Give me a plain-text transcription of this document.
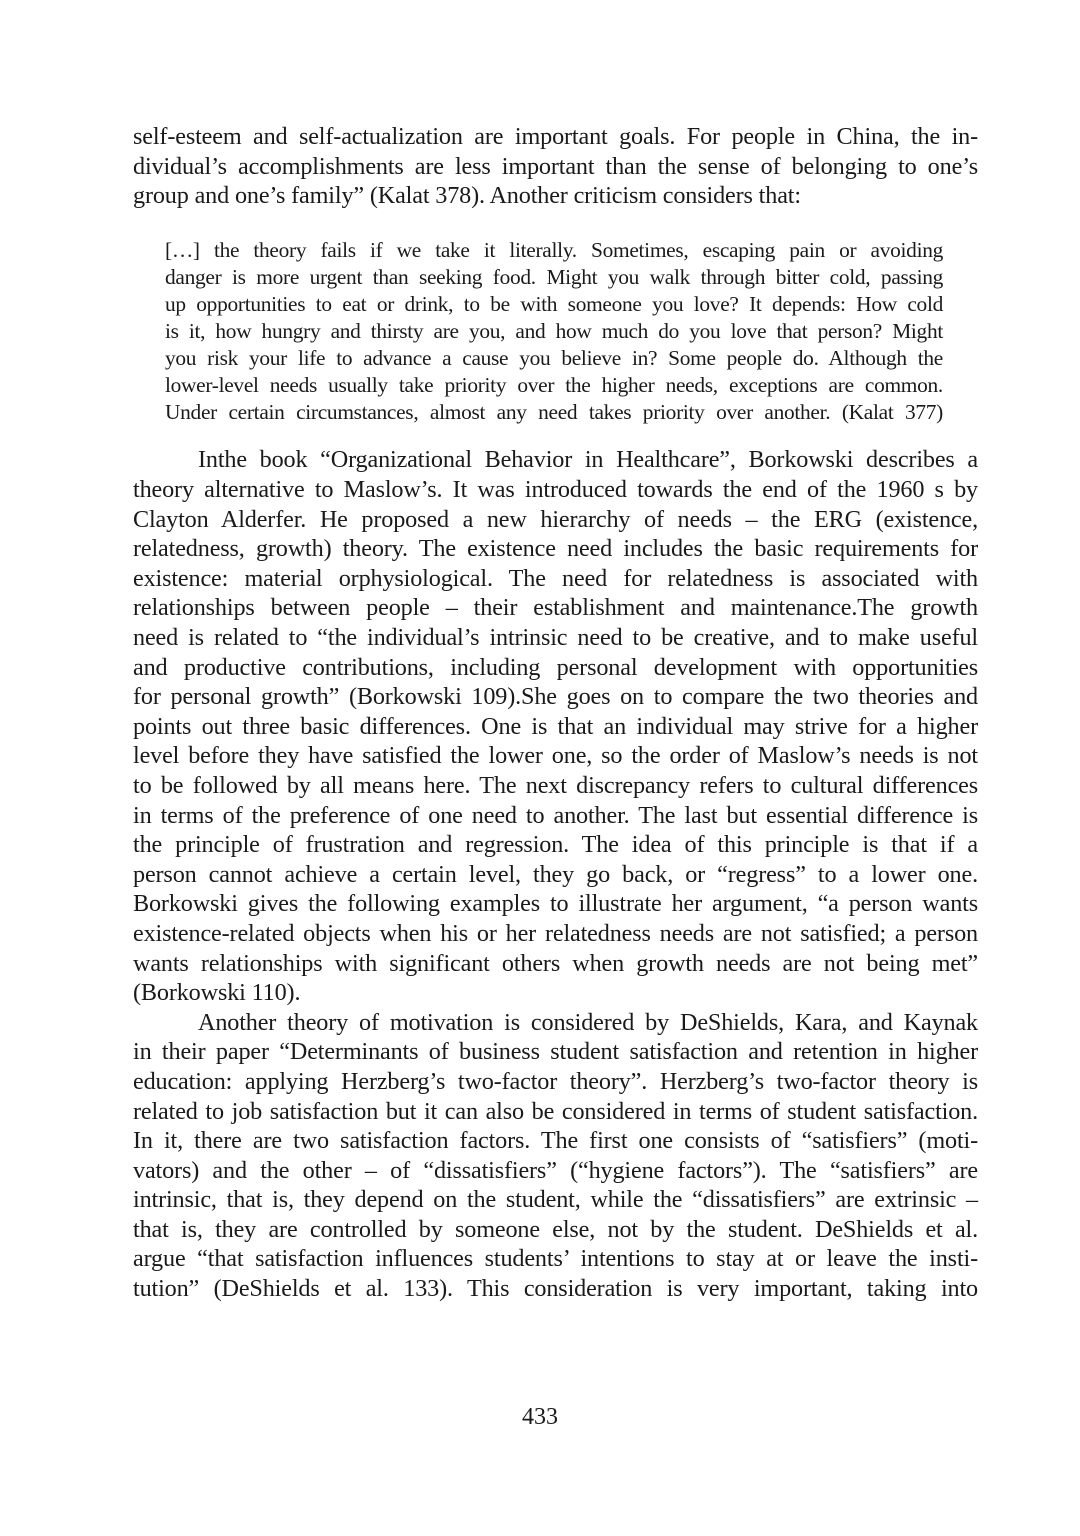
self-esteem and self-actualization are important goals. For people in China, the in-
dividual’s accomplishments are less important than the sense of belonging to one’s
group and one’s family” (Kalat 378). Another criticism considers that:
[…] the theory fails if we take it literally. Sometimes, escaping pain or avoiding
danger is more urgent than seeking food. Might you walk through bitter cold, passing
up opportunities to eat or drink, to be with someone you love? It depends: How cold
is it, how hungry and thirsty are you, and how much do you love that person? Might
you risk your life to advance a cause you believe in? Some people do. Although the
lower-level needs usually take priority over the higher needs, exceptions are common.
Under certain circumstances, almost any need takes priority over another. (Kalat 377)
Inthe book “Organizational Behavior in Healthcare”, Borkowski describes a
theory alternative to Maslow’s. It was introduced towards the end of the 1960 s by
Clayton Alderfer. He proposed a new hierarchy of needs – the ERG (existence,
relatedness, growth) theory. The existence need includes the basic requirements for
existence: material orphysiological. The need for relatedness is associated with
relationships between people – their establishment and maintenance.The growth
need is related to “the individual’s intrinsic need to be creative, and to make useful
and productive contributions, including personal development with opportunities
for personal growth” (Borkowski 109).She goes on to compare the two theories and
points out three basic differences. One is that an individual may strive for a higher
level before they have satisfied the lower one, so the order of Maslow’s needs is not
to be followed by all means here. The next discrepancy refers to cultural differences
in terms of the preference of one need to another. The last but essential difference is
the principle of frustration and regression. The idea of this principle is that if a
person cannot achieve a certain level, they go back, or “regress” to a lower one.
Borkowski gives the following examples to illustrate her argument, “a person wants
existence-related objects when his or her relatedness needs are not satisfied; a person
wants relationships with significant others when growth needs are not being met”
(Borkowski 110).
Another theory of motivation is considered by DeShields, Kara, and Kaynak
in their paper “Determinants of business student satisfaction and retention in higher
education: applying Herzberg’s two-factor theory”. Herzberg’s two-factor theory is
related to job satisfaction but it can also be considered in terms of student satisfaction.
In it, there are two satisfaction factors. The first one consists of “satisfiers” (moti-
vators) and the other – of “dissatisfiers” (“hygiene factors”). The “satisfiers” are
intrinsic, that is, they depend on the student, while the “dissatisfiers” are extrinsic –
that is, they are controlled by someone else, not by the student. DeShields et al.
argue “that satisfaction influences students’ intentions to stay at or leave the insti-
tution” (DeShields et al. 133). This consideration is very important, taking into
433
